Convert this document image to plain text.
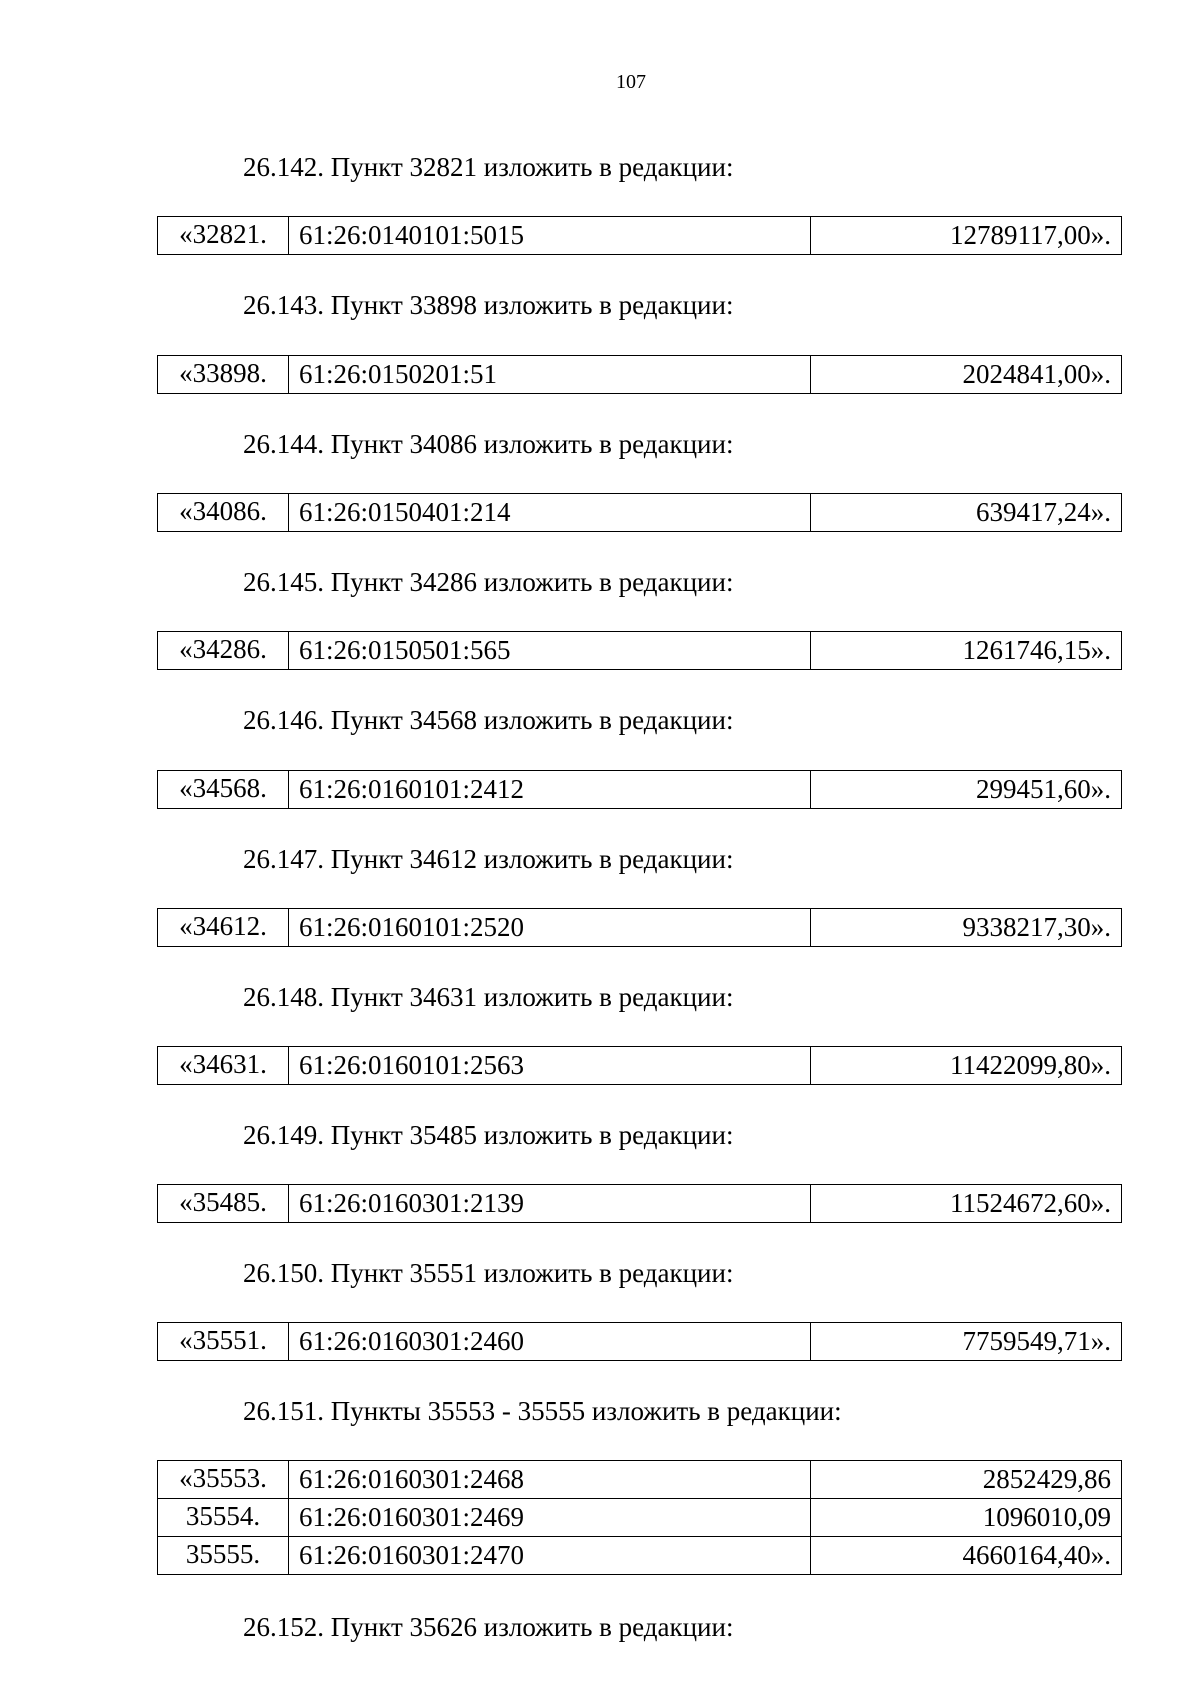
107
26.142. Пункт 32821 изложить в редакции:
«32821.	61:26:0140101:5015	12789117,00».
26.143. Пункт 33898 изложить в редакции:
«33898.	61:26:0150201:51	2024841,00».
26.144. Пункт 34086 изложить в редакции:
«34086.	61:26:0150401:214	639417,24».
26.145. Пункт 34286 изложить в редакции:
«34286.	61:26:0150501:565	1261746,15».
26.146. Пункт 34568 изложить в редакции:
«34568.	61:26:0160101:2412	299451,60».
26.147. Пункт 34612 изложить в редакции:
«34612.	61:26:0160101:2520	9338217,30».
26.148. Пункт 34631 изложить в редакции:
«34631.	61:26:0160101:2563	11422099,80».
26.149. Пункт 35485 изложить в редакции:
«35485.	61:26:0160301:2139	11524672,60».
26.150. Пункт 35551 изложить в редакции:
«35551.	61:26:0160301:2460	7759549,71».
26.151. Пункты 35553 - 35555 изложить в редакции:
«35553.	61:26:0160301:2468	2852429,86
35554.	61:26:0160301:2469	1096010,09
35555.	61:26:0160301:2470	4660164,40».
26.152. Пункт 35626 изложить в редакции:
